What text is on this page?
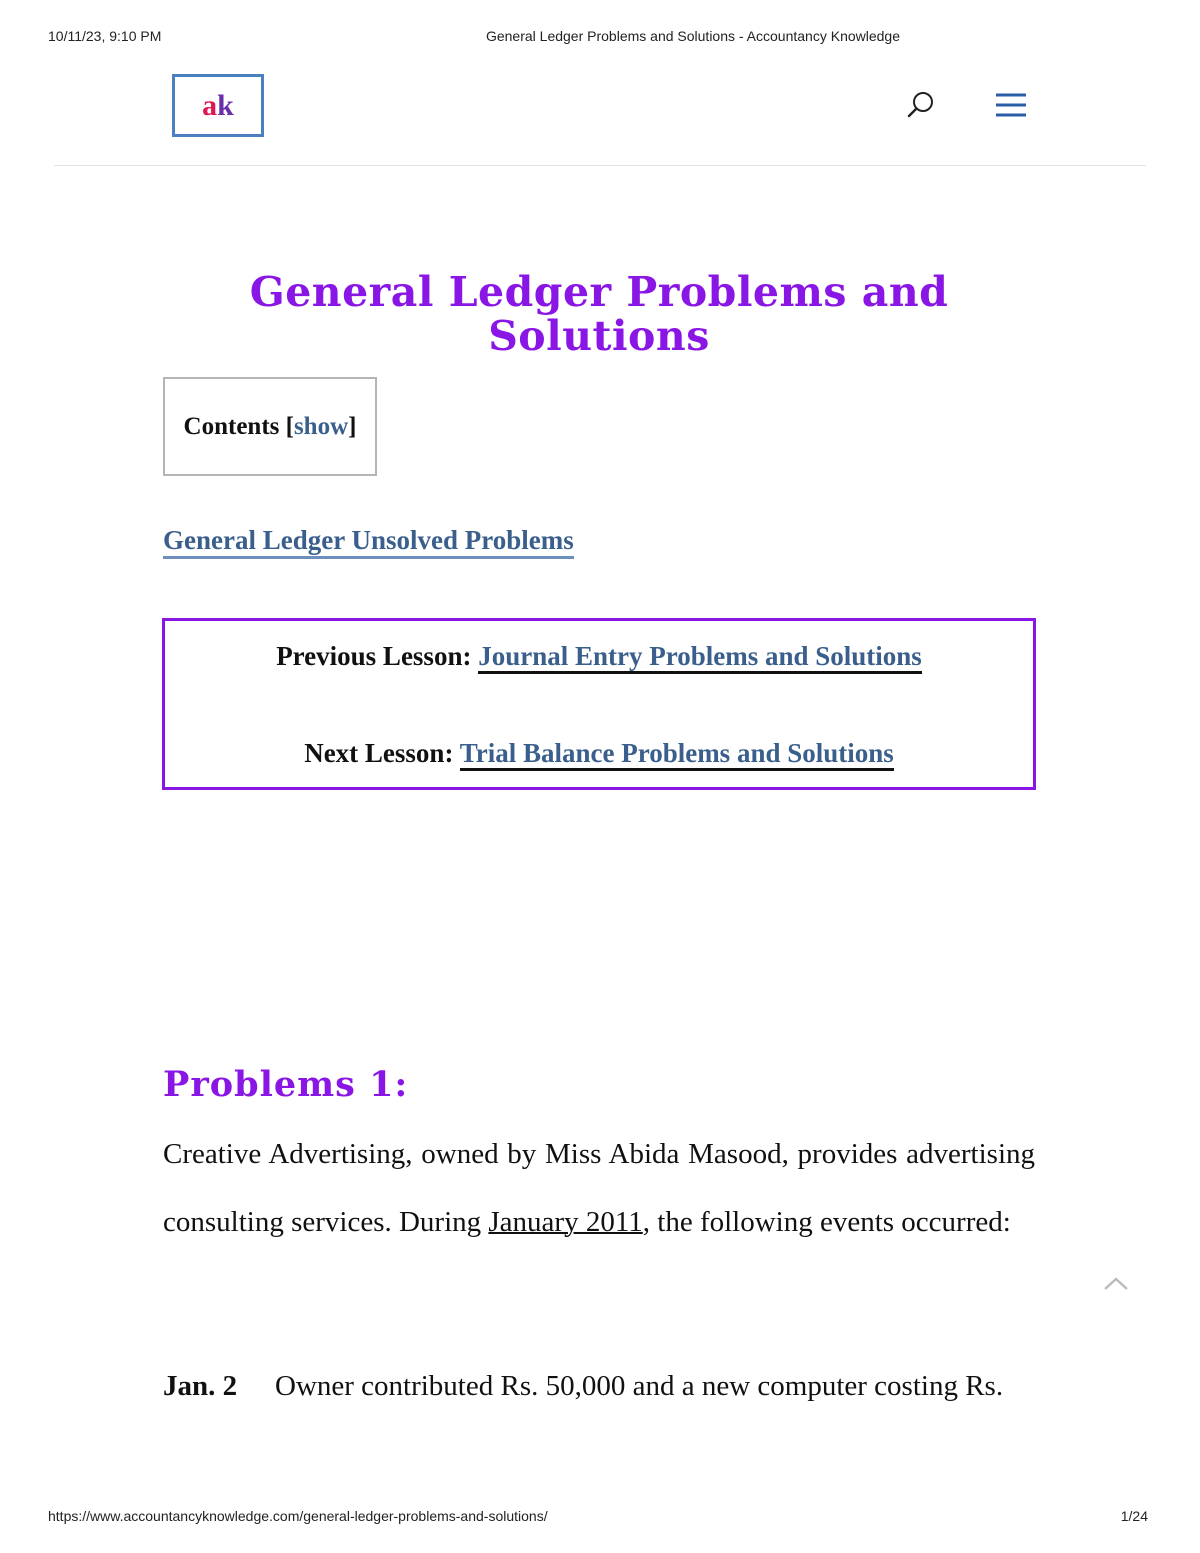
10/11/23, 9:10 PM	General Ledger Problems and Solutions - Accountancy Knowledge
a k
General Ledger Problems and
Solutions
Contents
[ show ]
General Ledger Unsolved Problems
Previous Lesson: Journal Entry Problems and Solutions
Next Lesson: Trial Balance Problems and Solutions
Problems 1:

Creative Advertising, owned by Miss Abida Masood, provides advertising consulting services. During January 2011, the following events occurred:

Jan. 2 Owner contributed Rs. 50,000 and a new computer costing Rs.
https://www.accountancyknowledge.com/general-ledger-problems-and-solutions/	1/24
